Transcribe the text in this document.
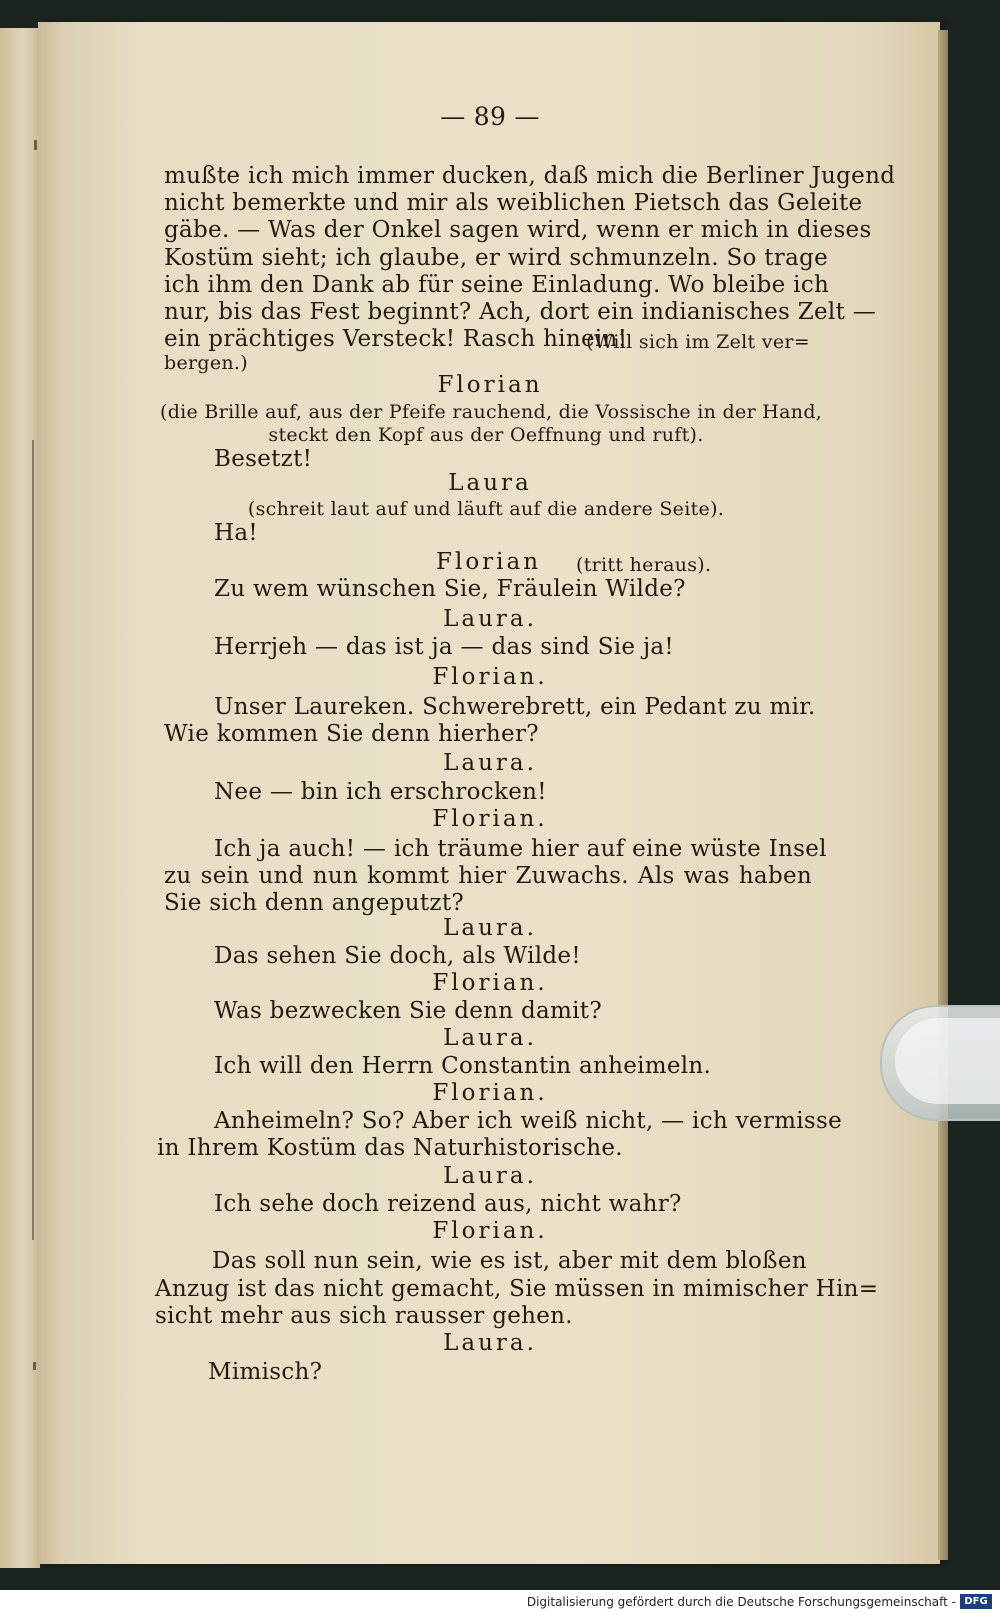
— 89 —
mußte ich mich immer ducken, daß mich die Berliner Jugend
nicht bemerkte und mir als weiblichen Pietsch das Geleite
gäbe. — Was der Onkel sagen wird, wenn er mich in dieses
Kostüm sieht; ich glaube, er wird schmunzeln. So trage
ich ihm den Dank ab für seine Einladung. Wo bleibe ich
nur, bis das Fest beginnt? Ach, dort ein indianisches Zelt —
ein prächtiges Versteck! Rasch hinein!
(Will sich im Zelt ver=
bergen.)
Florian
(die Brille auf, aus der Pfeife rauchend, die Vossische in der Hand,
steckt den Kopf aus der Oeffnung und ruft).
Besetzt!
Laura
(schreit laut auf und läuft auf die andere Seite).
Ha!
Florian (tritt heraus).
Zu wem wünschen Sie, Fräulein Wilde?
Laura.
Herrjeh — das ist ja — das sind Sie ja!
Florian.
Unser Laureken. Schwerebrett, ein Pedant zu mir.
Wie kommen Sie denn hierher?
Laura.
Nee — bin ich erschrocken!
Florian.
Ich ja auch! — ich träume hier auf eine wüste Insel
zu sein und nun kommt hier Zuwachs. Als was haben
Sie sich denn angeputzt?
Laura.
Das sehen Sie doch, als Wilde!
Florian.
Was bezwecken Sie denn damit?
Laura.
Ich will den Herrn Constantin anheimeln.
Florian.
Anheimeln? So? Aber ich weiß nicht, — ich vermisse
in Ihrem Kostüm das Naturhistorische.
Laura.
Ich sehe doch reizend aus, nicht wahr?
Florian.
Das soll nun sein, wie es ist, aber mit dem bloßen
Anzug ist das nicht gemacht, Sie müssen in mimischer Hin=
sicht mehr aus sich rausser gehen.
Laura.
Mimisch?
Digitalisierung gefördert durch die Deutsche Forschungsgemeinschaft - DFG
